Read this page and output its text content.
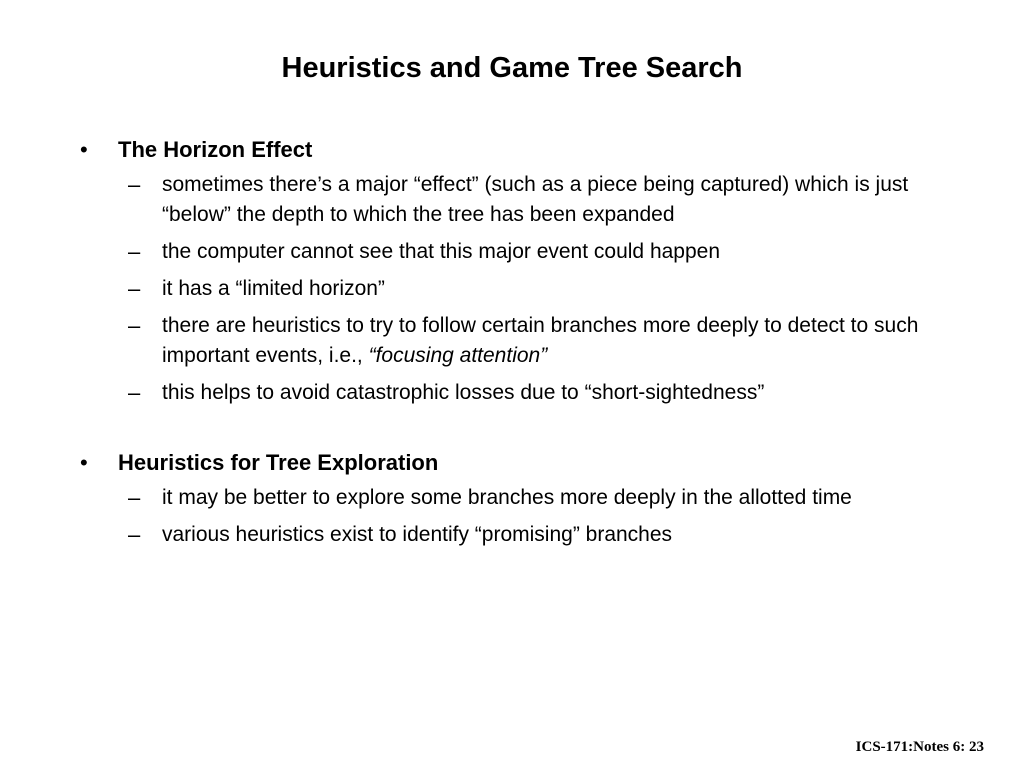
Heuristics and Game Tree Search
• The Horizon Effect
– sometimes there’s a major “effect” (such as a piece being captured) which is just “below” the depth to which the tree has been expanded
– the computer cannot see that this major event could happen
– it has a “limited horizon”
– there are heuristics to try to follow certain branches more deeply to detect to such important events, i.e., “focusing attention”
– this helps to avoid catastrophic losses due to “short-sightedness”
• Heuristics for Tree Exploration
– it may be better to explore some branches more deeply in the allotted time
– various heuristics exist to identify “promising” branches
ICS-171:Notes 6: 23
